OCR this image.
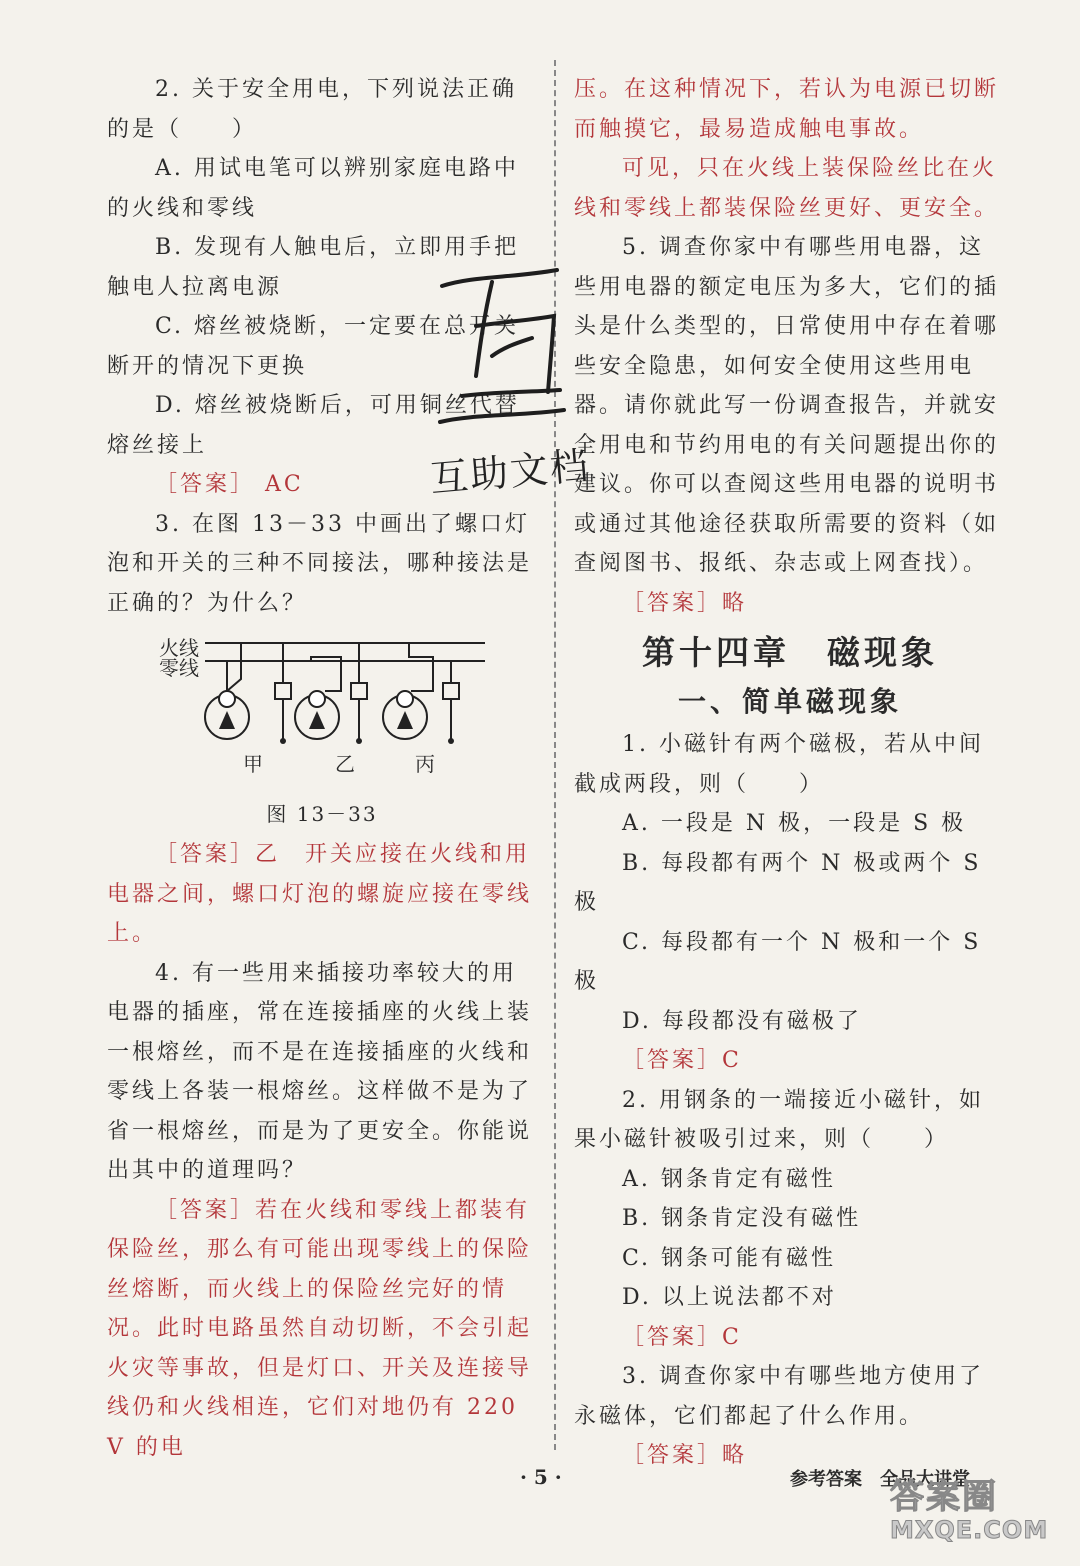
2. 关于安全用电，下列说法正确的是（　　）

A. 用试电笔可以辨别家庭电路中的火线和零线

B. 发现有人触电后，立即用手把触电人拉离电源

C. 熔丝被烧断，一定要在总开关断开的情况下更换

D. 熔丝被烧断后，可用铜丝代替熔丝接上

［答案］ AC

3. 在图 13－33 中画出了螺口灯泡和开关的三种不同接法，哪种接法是正确的？为什么？

火线
零线
甲	乙	丙
图 13－33

［答案］乙　开关应接在火线和用电器之间，螺口灯泡的螺旋应接在零线上。

4. 有一些用来插接功率较大的用电器的插座，常在连接插座的火线上装一根熔丝，而不是在连接插座的火线和零线上各装一根熔丝。这样做不是为了省一根熔丝，而是为了更安全。你能说出其中的道理吗？

［答案］若在火线和零线上都装有保险丝，那么有可能出现零线上的保险丝熔断，而火线上的保险丝完好的情况。此时电路虽然自动切断，不会引起火灾等事故，但是灯口、开关及连接导线仍和火线相连，它们对地仍有 220 V 的电

压。在这种情况下，若认为电源已切断而触摸它，最易造成触电事故。

可见，只在火线上装保险丝比在火线和零线上都装保险丝更好、更安全。

5. 调查你家中有哪些用电器，这些用电器的额定电压为多大，它们的插头是什么类型的，日常使用中存在着哪些安全隐患，如何安全使用这些用电器。请你就此写一份调查报告，并就安全用电和节约用电的有关问题提出你的建议。你可以查阅这些用电器的说明书或通过其他途径获取所需要的资料（如查阅图书、报纸、杂志或上网查找）。

［答案］略

第十四章　磁现象
一、简单磁现象

1. 小磁针有两个磁极，若从中间截成两段，则（　　）

A. 一段是 N 极，一段是 S 极

B. 每段都有两个 N 极或两个 S 极

C. 每段都有一个 N 极和一个 S 极

D. 每段都没有磁极了

［答案］C

2. 用钢条的一端接近小磁针，如果小磁针被吸引过来，则（　　）

A. 钢条肯定有磁性

B. 钢条肯定没有磁性

C. 钢条可能有磁性

D. 以上说法都不对

［答案］C

3. 调查你家中有哪些地方使用了永磁体，它们都起了什么作用。

［答案］略

互助文档
· 5 ·	参考答案　全品大讲堂
答案圈
MXQE.COM
